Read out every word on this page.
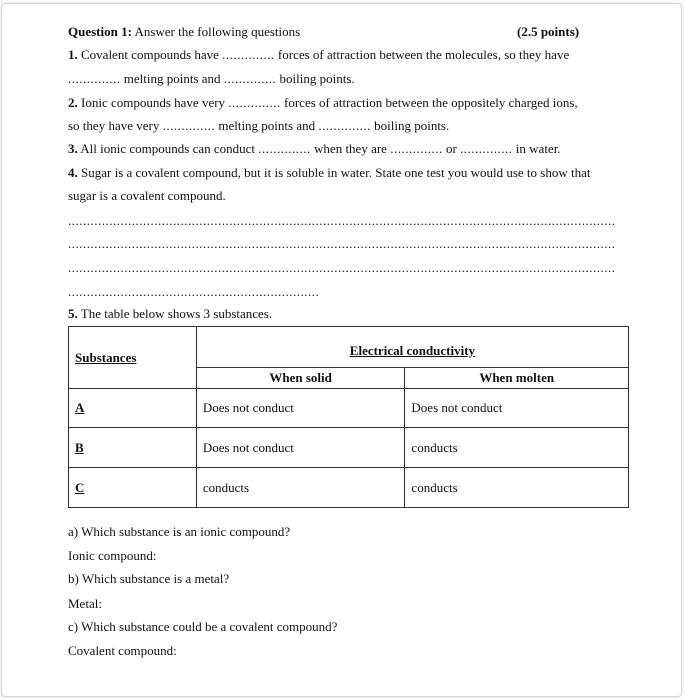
Question 1: Answer the following questions	(2.5 points)
1. Covalent compounds have .............. forces of attraction between the molecules, so they have
.............. melting points and .............. boiling points.
2. Ionic compounds have very .............. forces of attraction between the oppositely charged ions,
so they have very .............. melting points and .............. boiling points.
3. All ionic compounds can conduct .............. when they are .............. or .............. in water.
4. Sugar is a covalent compound, but it is soluble in water. State one test you would use to show that
sugar is a covalent compound.
..................................................................................................................................................
..................................................................................................................................................
..................................................................................................................................................
...................................................................
5. The table below shows 3 substances.
Substances	Electrical conductivity	
	When solid	When molten
A	Does not conduct	Does not conduct
B	Does not conduct	conducts
C	conducts	conducts
a) Which substance is an ionic compound?
Ionic compound:
b) Which substance is a metal?
Metal:
c) Which substance could be a covalent compound?
Covalent compound:
